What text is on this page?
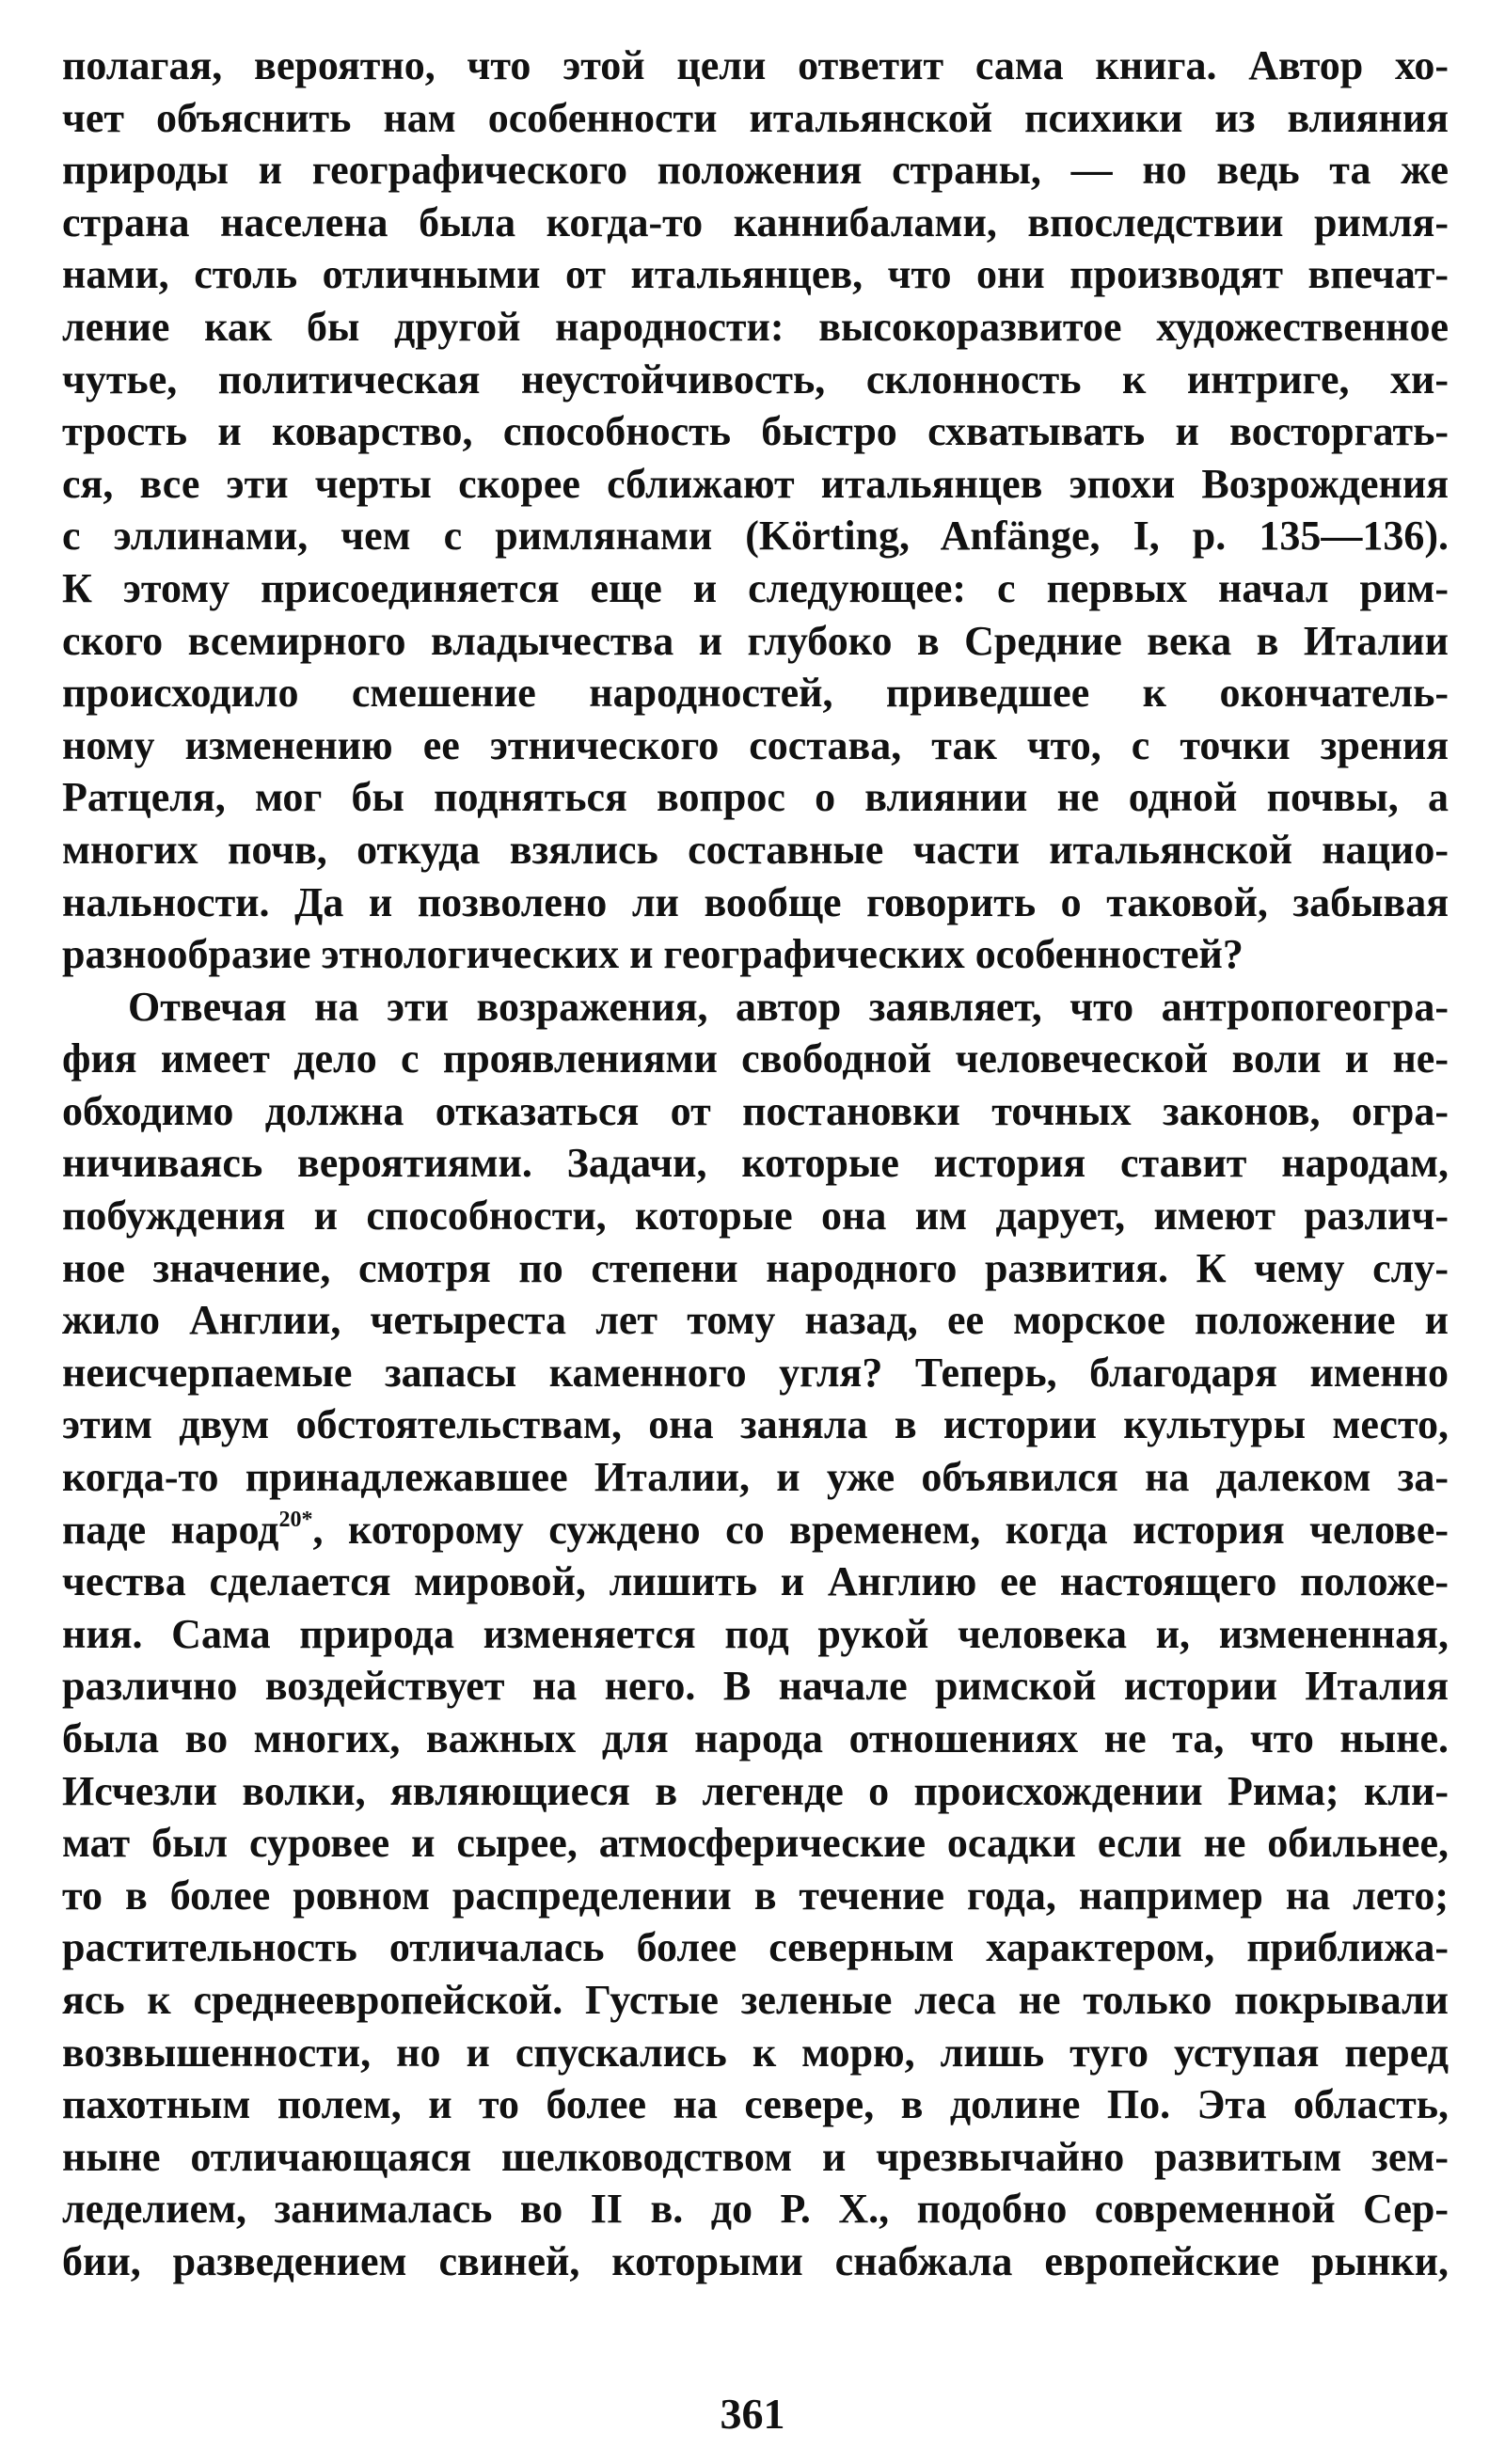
полагая, вероятно, что этой цели ответит сама книга. Автор хо-
чет объяснить нам особенности итальянской психики из влияния
природы и географического положения страны, — но ведь та же
страна населена была когда-то каннибалами, впоследствии римля-
нами, столь отличными от итальянцев, что они производят впечат-
ление как бы другой народности: высокоразвитое художественное
чутье, политическая неустойчивость, склонность к интриге, хи-
трость и коварство, способность быстро схватывать и восторгать-
ся, все эти черты скорее сближают итальянцев эпохи Возрождения
с эллинами, чем с римлянами (Körting, Anfänge, I, p. 135—136).
К этому присоединяется еще и следующее: с первых начал рим-
ского всемирного владычества и глубоко в Средние века в Италии
происходило смешение народностей, приведшее к окончатель-
ному изменению ее этнического состава, так что, с точки зрения
Ратцеля, мог бы подняться вопрос о влиянии не одной почвы, а
многих почв, откуда взялись составные части итальянской нацио-
нальности. Да и позволено ли вообще говорить о таковой, забывая
разнообразие этнологических и географических особенностей?
Отвечая на эти возражения, автор заявляет, что антропогеогра-
фия имеет дело с проявлениями свободной человеческой воли и не-
обходимо должна отказаться от постановки точных законов, огра-
ничиваясь вероятиями. Задачи, которые история ставит народам,
побуждения и способности, которые она им дарует, имеют различ-
ное значение, смотря по степени народного развития. К чему слу-
жило Англии, четыреста лет тому назад, ее морское положение и
неисчерпаемые запасы каменного угля? Теперь, благодаря именно
этим двум обстоятельствам, она заняла в истории культуры место,
когда-то принадлежавшее Италии, и уже объявился на далеком за-
паде народ$^{20*}$, которому суждено со временем, когда история челове-
чества сделается мировой, лишить и Англию ее настоящего положе-
ния. Сама природа изменяется под рукой человека и, измененная,
различно воздействует на него. В начале римской истории Италия
была во многих, важных для народа отношениях не та, что ныне.
Исчезли волки, являющиеся в легенде о происхождении Рима; кли-
мат был суровее и сырее, атмосферические осадки если не обильнее,
то в более ровном распределении в течение года, например на лето;
растительность отличалась более северным характером, приближа-
ясь к среднеевропейской. Густые зеленые леса не только покрывали
возвышенности, но и спускались к морю, лишь туго уступая перед
пахотным полем, и то более на севере, в долине По. Эта область,
ныне отличающаяся шелководством и чрезвычайно развитым зем-
леделием, занималась во II в. до Р. Х., подобно современной Сер-
бии, разведением свиней, которыми снабжала европейские рынки,
361
